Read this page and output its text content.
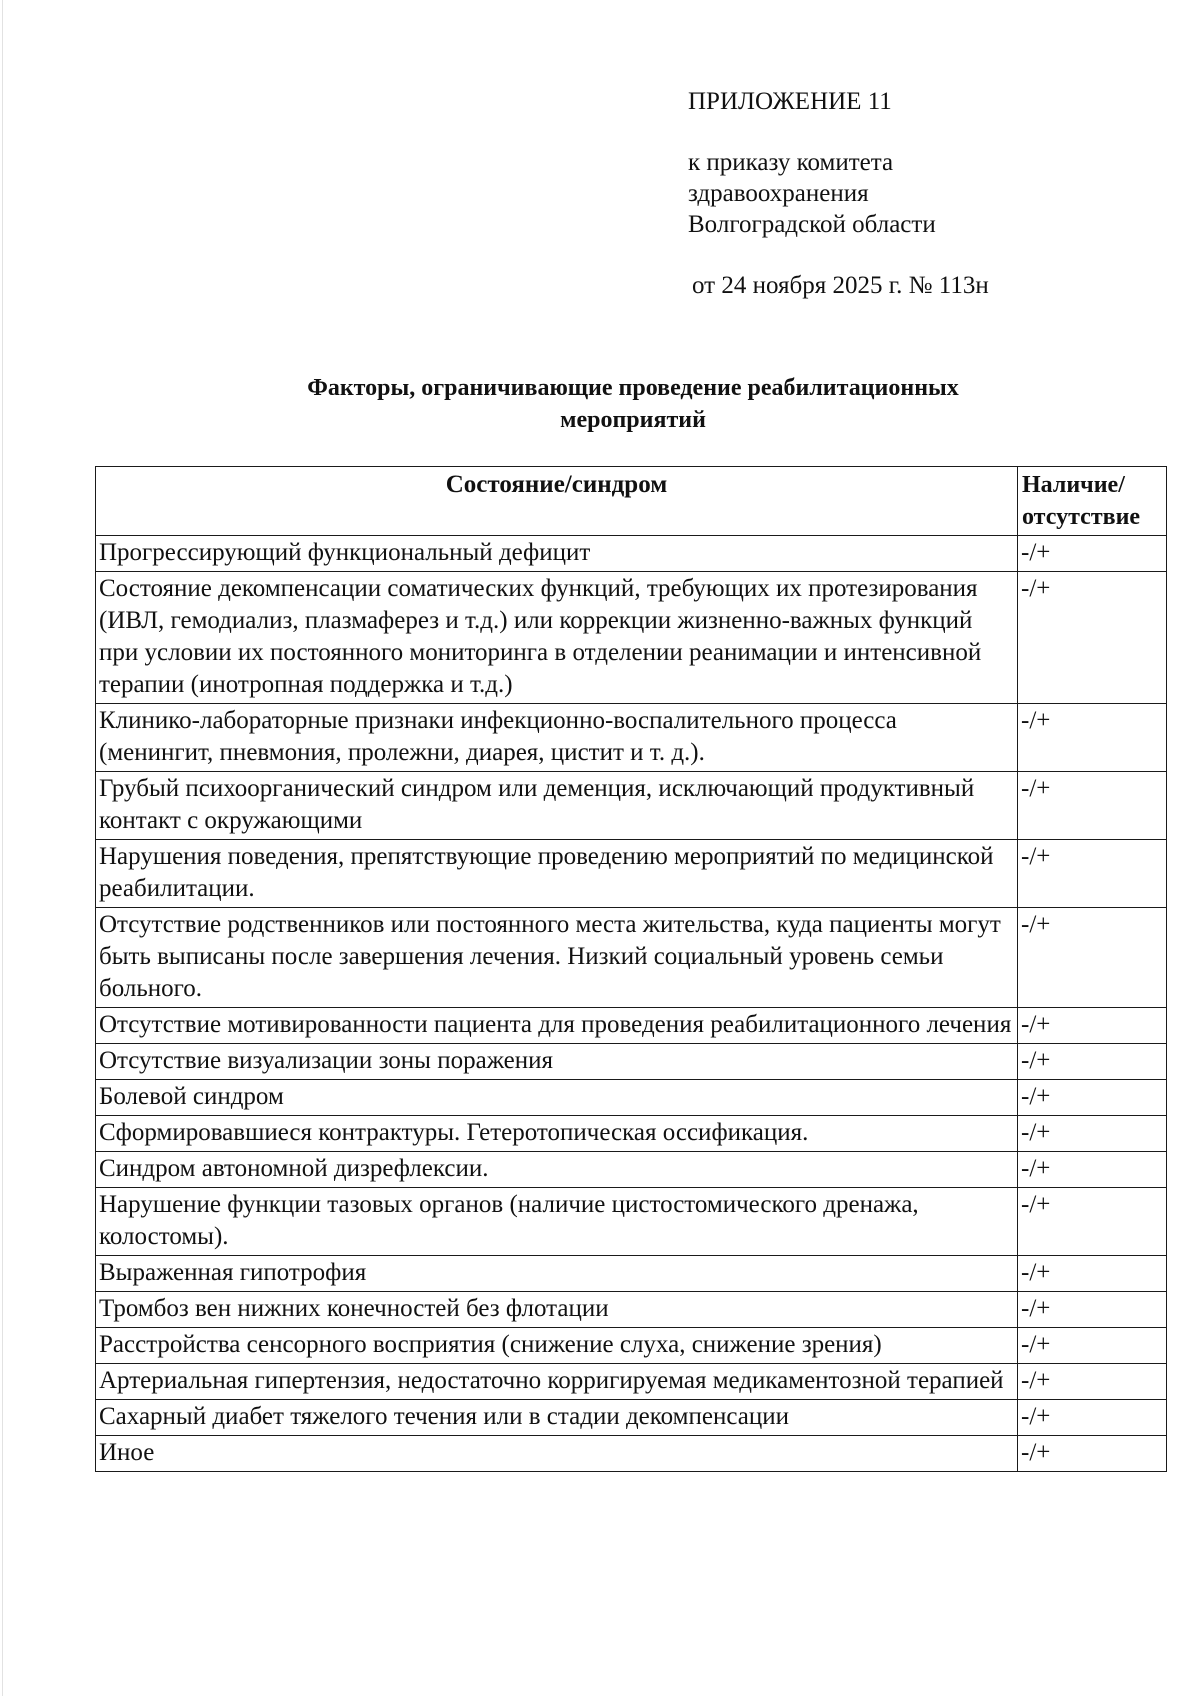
ПРИЛОЖЕНИЕ 11
к приказу комитета
здравоохранения
Волгоградской области
от 24 ноября 2025 г. № 113н
Факторы, ограничивающие проведение реабилитационных
мероприятий
Состояние/синдром	Наличие/
отсутствие
Прогрессирующий функциональный дефицит	-/+
Состояние декомпенсации соматических функций, требующих их протезирования (ИВЛ, гемодиализ, плазмаферез и т.д.) или коррекции жизненно-важных функций при условии их постоянного мониторинга в отделении реанимации и интенсивной терапии (инотропная поддержка и т.д.)	-/+
Клинико-лабораторные признаки инфекционно-воспалительного процесса (менингит, пневмония, пролежни, диарея, цистит и т. д.).	-/+
Грубый психоорганический синдром или деменция, исключающий продуктивный контакт с окружающими	-/+
Нарушения поведения, препятствующие проведению мероприятий по медицинской реабилитации.	-/+
Отсутствие родственников или постоянного места жительства, куда пациенты могут быть выписаны после завершения лечения. Низкий социальный уровень семьи больного.	-/+
Отсутствие мотивированности пациента для проведения реабилитационного лечения	-/+
Отсутствие визуализации зоны поражения	-/+
Болевой синдром	-/+
Сформировавшиеся контрактуры. Гетеротопическая оссификация.	-/+
Синдром автономной дизрефлексии.	-/+
Нарушение функции тазовых органов (наличие цистостомического дренажа, колостомы).	-/+
Выраженная гипотрофия	-/+
Тромбоз вен нижних конечностей без флотации	-/+
Расстройства сенсорного восприятия (снижение слуха, снижение зрения)	-/+
Артериальная гипертензия, недостаточно корригируемая медикаментозной терапией	-/+
Сахарный диабет тяжелого течения или в стадии декомпенсации	-/+
Иное	-/+
